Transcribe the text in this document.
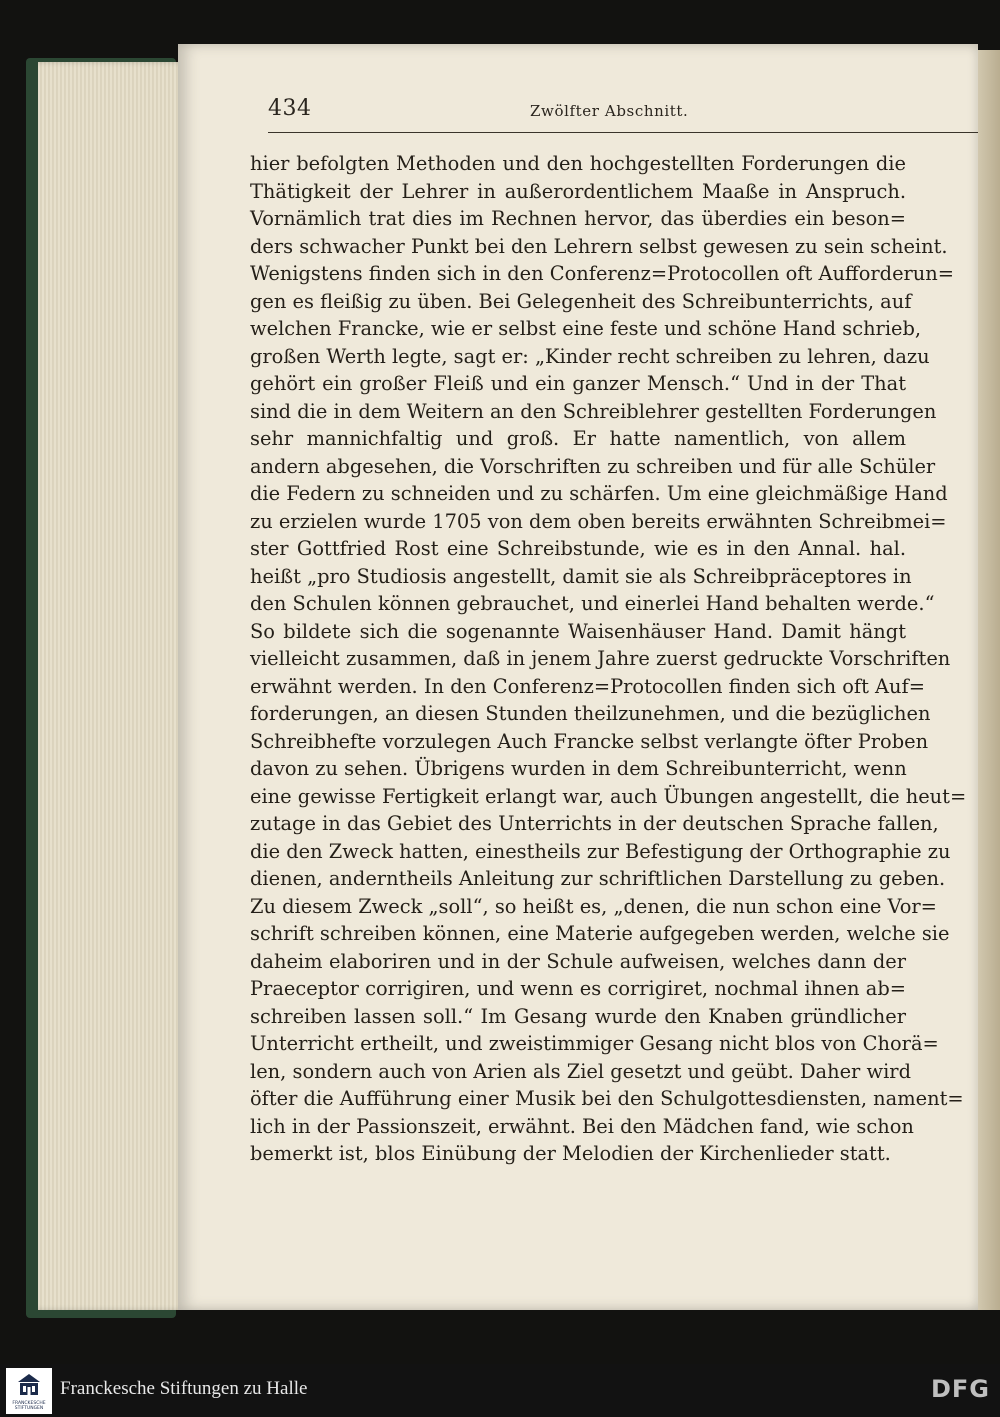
434	Zwölfter Abschnitt.
hier befolgten Methoden und den hochgestellten Forderungen die
Thätigkeit der Lehrer in außerordentlichem Maaße in Anspruch.
Vornämlich trat dies im Rechnen hervor, das überdies ein beson=
ders schwacher Punkt bei den Lehrern selbst gewesen zu sein scheint.
Wenigstens finden sich in den Conferenz=Protocollen oft Aufforderun=
gen es fleißig zu üben. Bei Gelegenheit des Schreibunterrichts, auf
welchen Francke, wie er selbst eine feste und schöne Hand schrieb,
großen Werth legte, sagt er: „Kinder recht schreiben zu lehren, dazu
gehört ein großer Fleiß und ein ganzer Mensch.“ Und in der That
sind die in dem Weitern an den Schreiblehrer gestellten Forderungen
sehr mannichfaltig und groß. Er hatte namentlich, von allem
andern abgesehen, die Vorschriften zu schreiben und für alle Schüler
die Federn zu schneiden und zu schärfen. Um eine gleichmäßige Hand
zu erzielen wurde 1705 von dem oben bereits erwähnten Schreibmei=
ster Gottfried Rost eine Schreibstunde, wie es in den Annal. hal.
heißt „pro Studiosis angestellt, damit sie als Schreibpräceptores in
den Schulen können gebrauchet, und einerlei Hand behalten werde.“
So bildete sich die sogenannte Waisenhäuser Hand. Damit hängt
vielleicht zusammen, daß in jenem Jahre zuerst gedruckte Vorschriften
erwähnt werden. In den Conferenz=Protocollen finden sich oft Auf=
forderungen, an diesen Stunden theilzunehmen, und die bezüglichen
Schreibhefte vorzulegen Auch Francke selbst verlangte öfter Proben
davon zu sehen. Übrigens wurden in dem Schreibunterricht, wenn
eine gewisse Fertigkeit erlangt war, auch Übungen angestellt, die heut=
zutage in das Gebiet des Unterrichts in der deutschen Sprache fallen,
die den Zweck hatten, einestheils zur Befestigung der Orthographie zu
dienen, anderntheils Anleitung zur schriftlichen Darstellung zu geben.
Zu diesem Zweck „soll“, so heißt es, „denen, die nun schon eine Vor=
schrift schreiben können, eine Materie aufgegeben werden, welche sie
daheim elaboriren und in der Schule aufweisen, welches dann der
Praeceptor corrigiren, und wenn es corrigiret, nochmal ihnen ab=
schreiben lassen soll.“ Im Gesang wurde den Knaben gründlicher
Unterricht ertheilt, und zweistimmiger Gesang nicht blos von Chorä=
len, sondern auch von Arien als Ziel gesetzt und geübt. Daher wird
öfter die Aufführung einer Musik bei den Schulgottesdiensten, nament=
lich in der Passionszeit, erwähnt. Bei den Mädchen fand, wie schon
bemerkt ist, blos Einübung der Melodien der Kirchenlieder statt.
FRANCKESCHE STIFTUNGEN
Franckesche Stiftungen zu Halle	DFG
